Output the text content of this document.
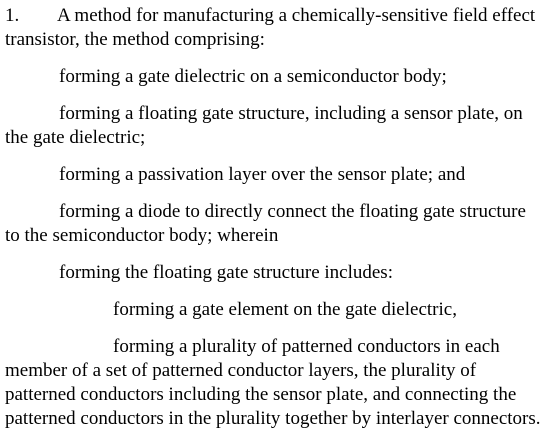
1. A method for manufacturing a chemically-sensitive field effect transistor, the method comprising:

forming a gate dielectric on a semiconductor body;

forming a floating gate structure, including a sensor plate, on the gate dielectric;

forming a passivation layer over the sensor plate; and

forming a diode to directly connect the floating gate structure to the semiconductor body; wherein

forming the floating gate structure includes:

forming a gate element on the gate dielectric,

forming a plurality of patterned conductors in each member of a set of patterned conductor layers, the plurality of patterned conductors including the sensor plate, and connecting the patterned conductors in the plurality together by interlayer connectors.
